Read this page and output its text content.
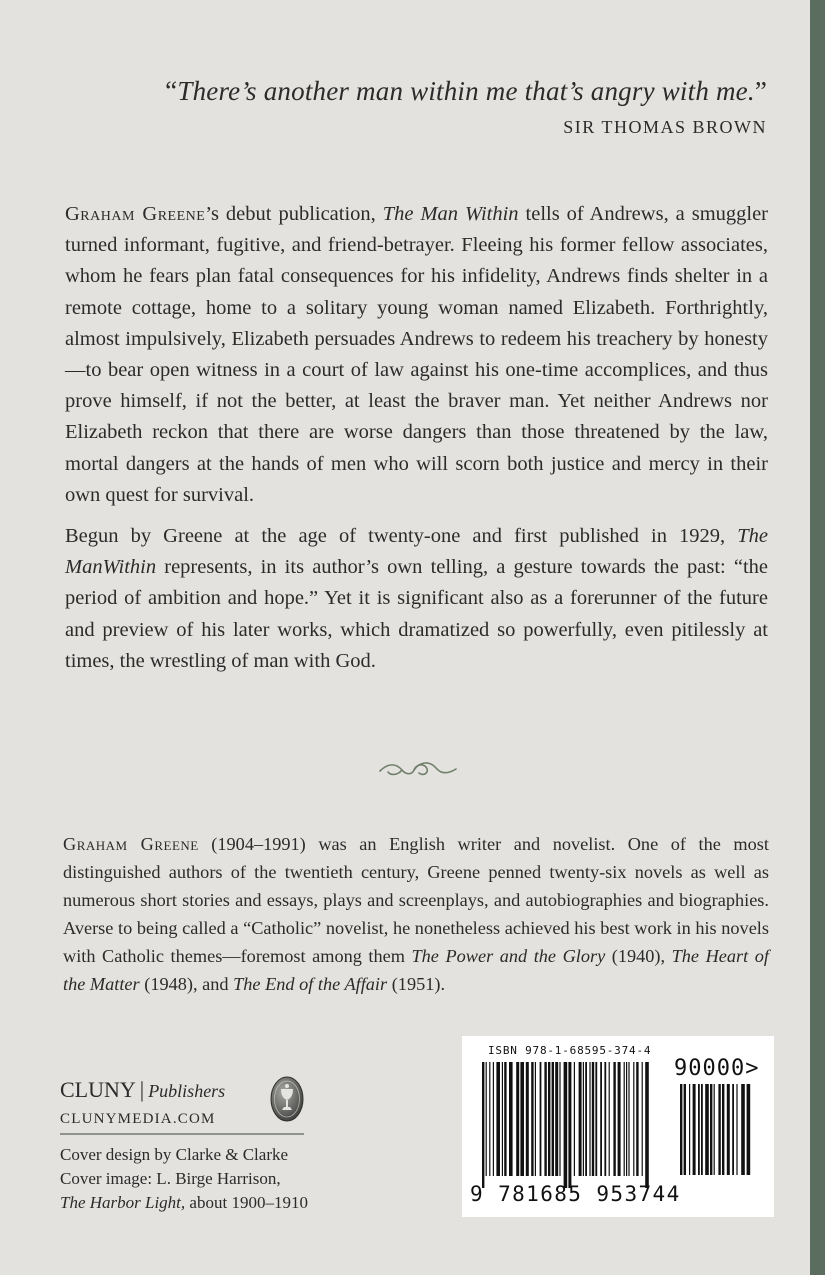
“There’s another man within me that’s angry with me.”
SIR THOMAS BROWN

Graham Greene’s debut publication, The Man Within tells of Andrews, a smuggler turned informant, fugitive, and friend-betrayer. Fleeing his former fellow associates, whom he fears plan fatal consequences for his infidelity, Andrews finds shelter in a remote cottage, home to a solitary young woman named Elizabeth. Forthrightly, almost impulsively, Elizabeth persuades Andrews to redeem his treachery by honesty—to bear open witness in a court of law against his one-time accomplices, and thus prove himself, if not the better, at least the braver man. Yet neither Andrews nor Elizabeth reckon that there are worse dangers than those threatened by the law, mortal dangers at the hands of men who will scorn both justice and mercy in their own quest for survival.

Begun by Greene at the age of twenty-one and first published in 1929, The ManWithin represents, in its author’s own telling, a gesture towards the past: “the period of ambition and hope.” Yet it is significant also as a forerunner of the future and preview of his later works, which dramatized so powerfully, even pitilessly at times, the wrestling of man with God.

Graham Greene (1904–1991) was an English writer and novelist. One of the most distinguished authors of the twentieth century, Greene penned twenty-six novels as well as numerous short stories and essays, plays and screenplays, and autobiographies and biographies. Averse to being called a “Catholic” novelist, he nonetheless achieved his best work in his novels with Catholic themes—foremost among them The Power and the Glory (1940), The Heart of the Matter (1948), and The End of the Affair (1951).
CLUNY | Publishers
CLUNYMEDIA.COM
Cover design by Clarke & Clarke
Cover image: L. Birge Harrison,
The Harbor Light, about 1900–1910
ISBN 978-1-68595-374-4
90000>
9 781685 953744
